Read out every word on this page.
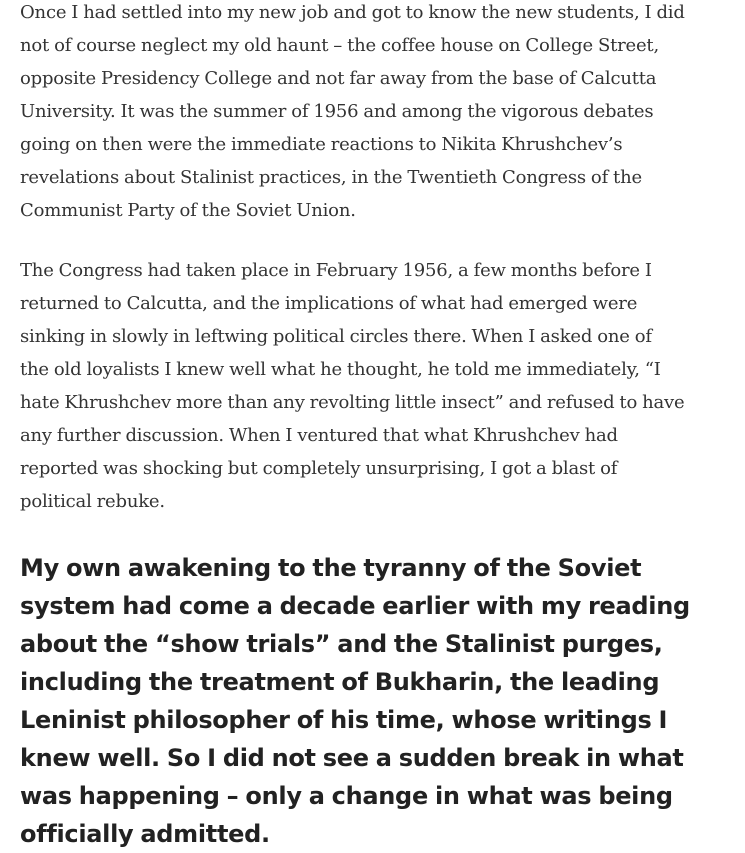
Once I had settled into my new job and got to know the new students, I did not of course neglect my old haunt – the coffee house on College Street, opposite Presidency College and not far away from the base of Calcutta University. It was the summer of 1956 and among the vigorous debates going on then were the immediate reactions to Nikita Khrushchev’s revelations about Stalinist practices, in the Twentieth Congress of the Communist Party of the Soviet Union.

The Congress had taken place in February 1956, a few months before I returned to Calcutta, and the implications of what had emerged were sinking in slowly in leftwing political circles there. When I asked one of the old loyalists I knew well what he thought, he told me immediately, “I hate Khrushchev more than any revolting little insect” and refused to have any further discussion. When I ventured that what Khrushchev had reported was shocking but completely unsurprising, I got a blast of political rebuke.

My own awakening to the tyranny of the Soviet system had come a decade earlier with my reading about the “show trials” and the Stalinist purges, including the treatment of Bukharin, the leading Leninist philosopher of his time, whose writings I knew well. So I did not see a sudden break in what was happening – only a change in what was being officially admitted.
